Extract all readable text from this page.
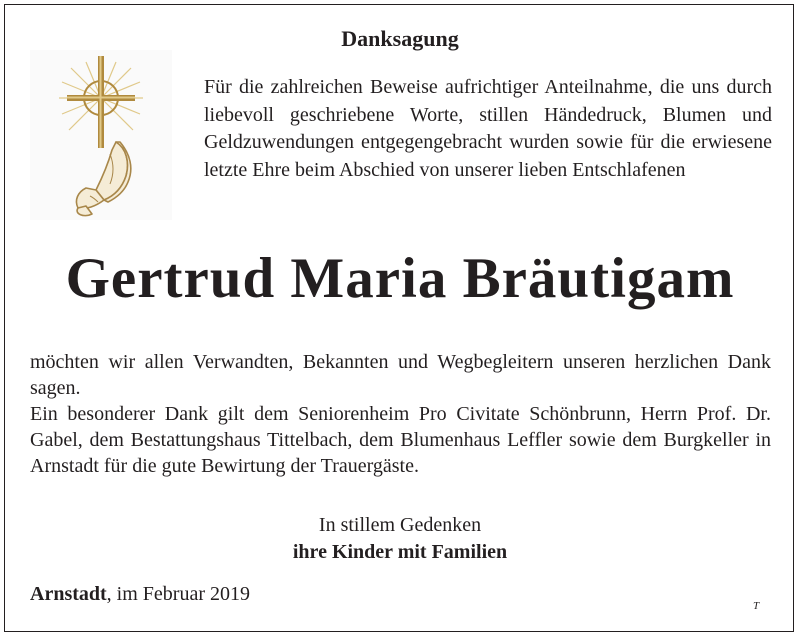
Danksagung
Für die zahlreichen Beweise aufrichtiger Anteilnahme, die uns durch liebevoll geschriebene Worte, stillen Händedruck, Blumen und Geldzuwendungen entgegengebracht wurden sowie für die erwiesene letzte Ehre beim Abschied von unserer lieben Entschlafenen
Gertrud Maria Bräutigam

möchten wir allen Verwandten, Bekannten und Wegbegleitern unseren herzlichen Dank sagen.

Ein besonderer Dank gilt dem Seniorenheim Pro Civitate Schönbrunn, Herrn Prof. Dr. Gabel, dem Bestattungshaus Tittelbach, dem Blumenhaus Leffler sowie dem Burgkeller in Arnstadt für die gute Bewirtung der Trauergäste.

In stillem Gedenken
ihre Kinder mit Familien
Arnstadt, im Februar 2019
T
